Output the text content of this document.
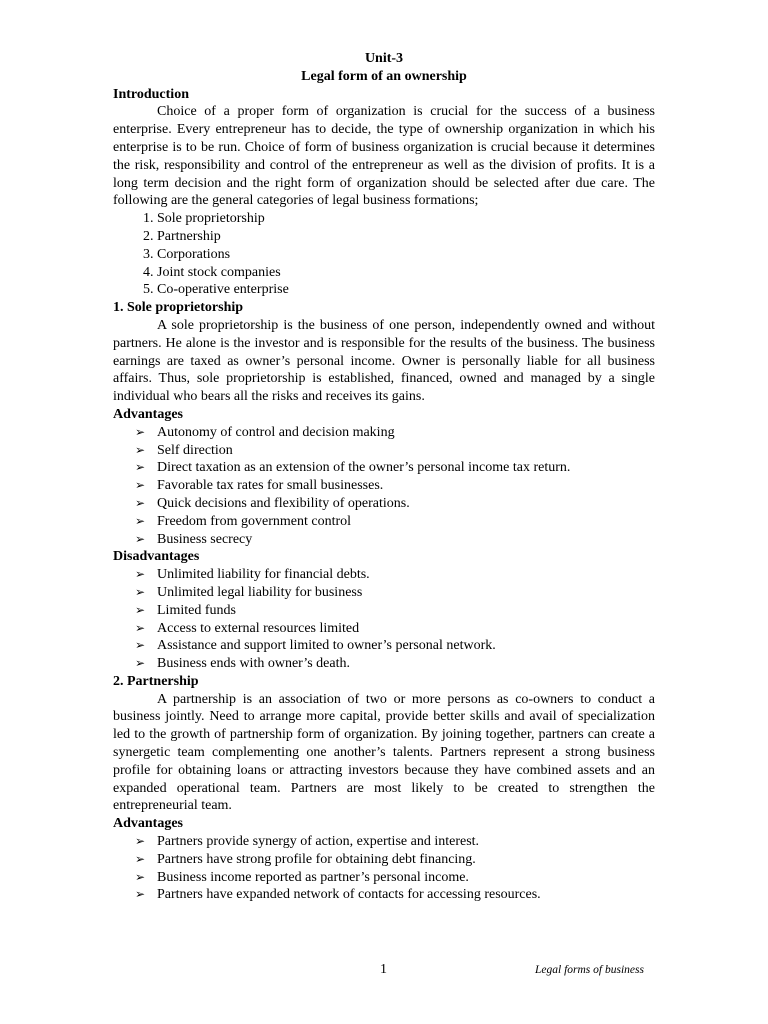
Unit-3
Legal form of an ownership
Introduction

Choice of a proper form of organization is crucial for the success of a business enterprise. Every entrepreneur has to decide, the type of ownership organization in which his enterprise is to be run. Choice of form of business organization is crucial because it determines the risk, responsibility and control of the entrepreneur as well as the division of profits. It is a long term decision and the right form of organization should be selected after due care. The following are the general categories of legal business formations;

1. Sole proprietorship
2. Partnership
3. Corporations
4. Joint stock companies
5. Co-operative enterprise
1. Sole proprietorship

A sole proprietorship is the business of one person, independently owned and without partners. He alone is the investor and is responsible for the results of the business. The business earnings are taxed as owner’s personal income. Owner is personally liable for all business affairs. Thus, sole proprietorship is established, financed, owned and managed by a single individual who bears all the risks and receives its gains.

Advantages
➢ Autonomy of control and decision making
➢ Self direction
➢ Direct taxation as an extension of the owner’s personal income tax return.
➢ Favorable tax rates for small businesses.
➢ Quick decisions and flexibility of operations.
➢ Freedom from government control
➢ Business secrecy
Disadvantages
➢ Unlimited liability for financial debts.
➢ Unlimited legal liability for business
➢ Limited funds
➢ Access to external resources limited
➢ Assistance and support limited to owner’s personal network.
➢ Business ends with owner’s death.
2. Partnership

A partnership is an association of two or more persons as co-owners to conduct a business jointly. Need to arrange more capital, provide better skills and avail of specialization led to the growth of partnership form of organization. By joining together, partners can create a synergetic team complementing one another’s talents. Partners represent a strong business profile for obtaining loans or attracting investors because they have combined assets and an expanded operational team. Partners are most likely to be created to strengthen the entrepreneurial team.

Advantages
➢ Partners provide synergy of action, expertise and interest.
➢ Partners have strong profile for obtaining debt financing.
➢ Business income reported as partner’s personal income.
➢ Partners have expanded network of contacts for accessing resources.
1	Legal forms of business
